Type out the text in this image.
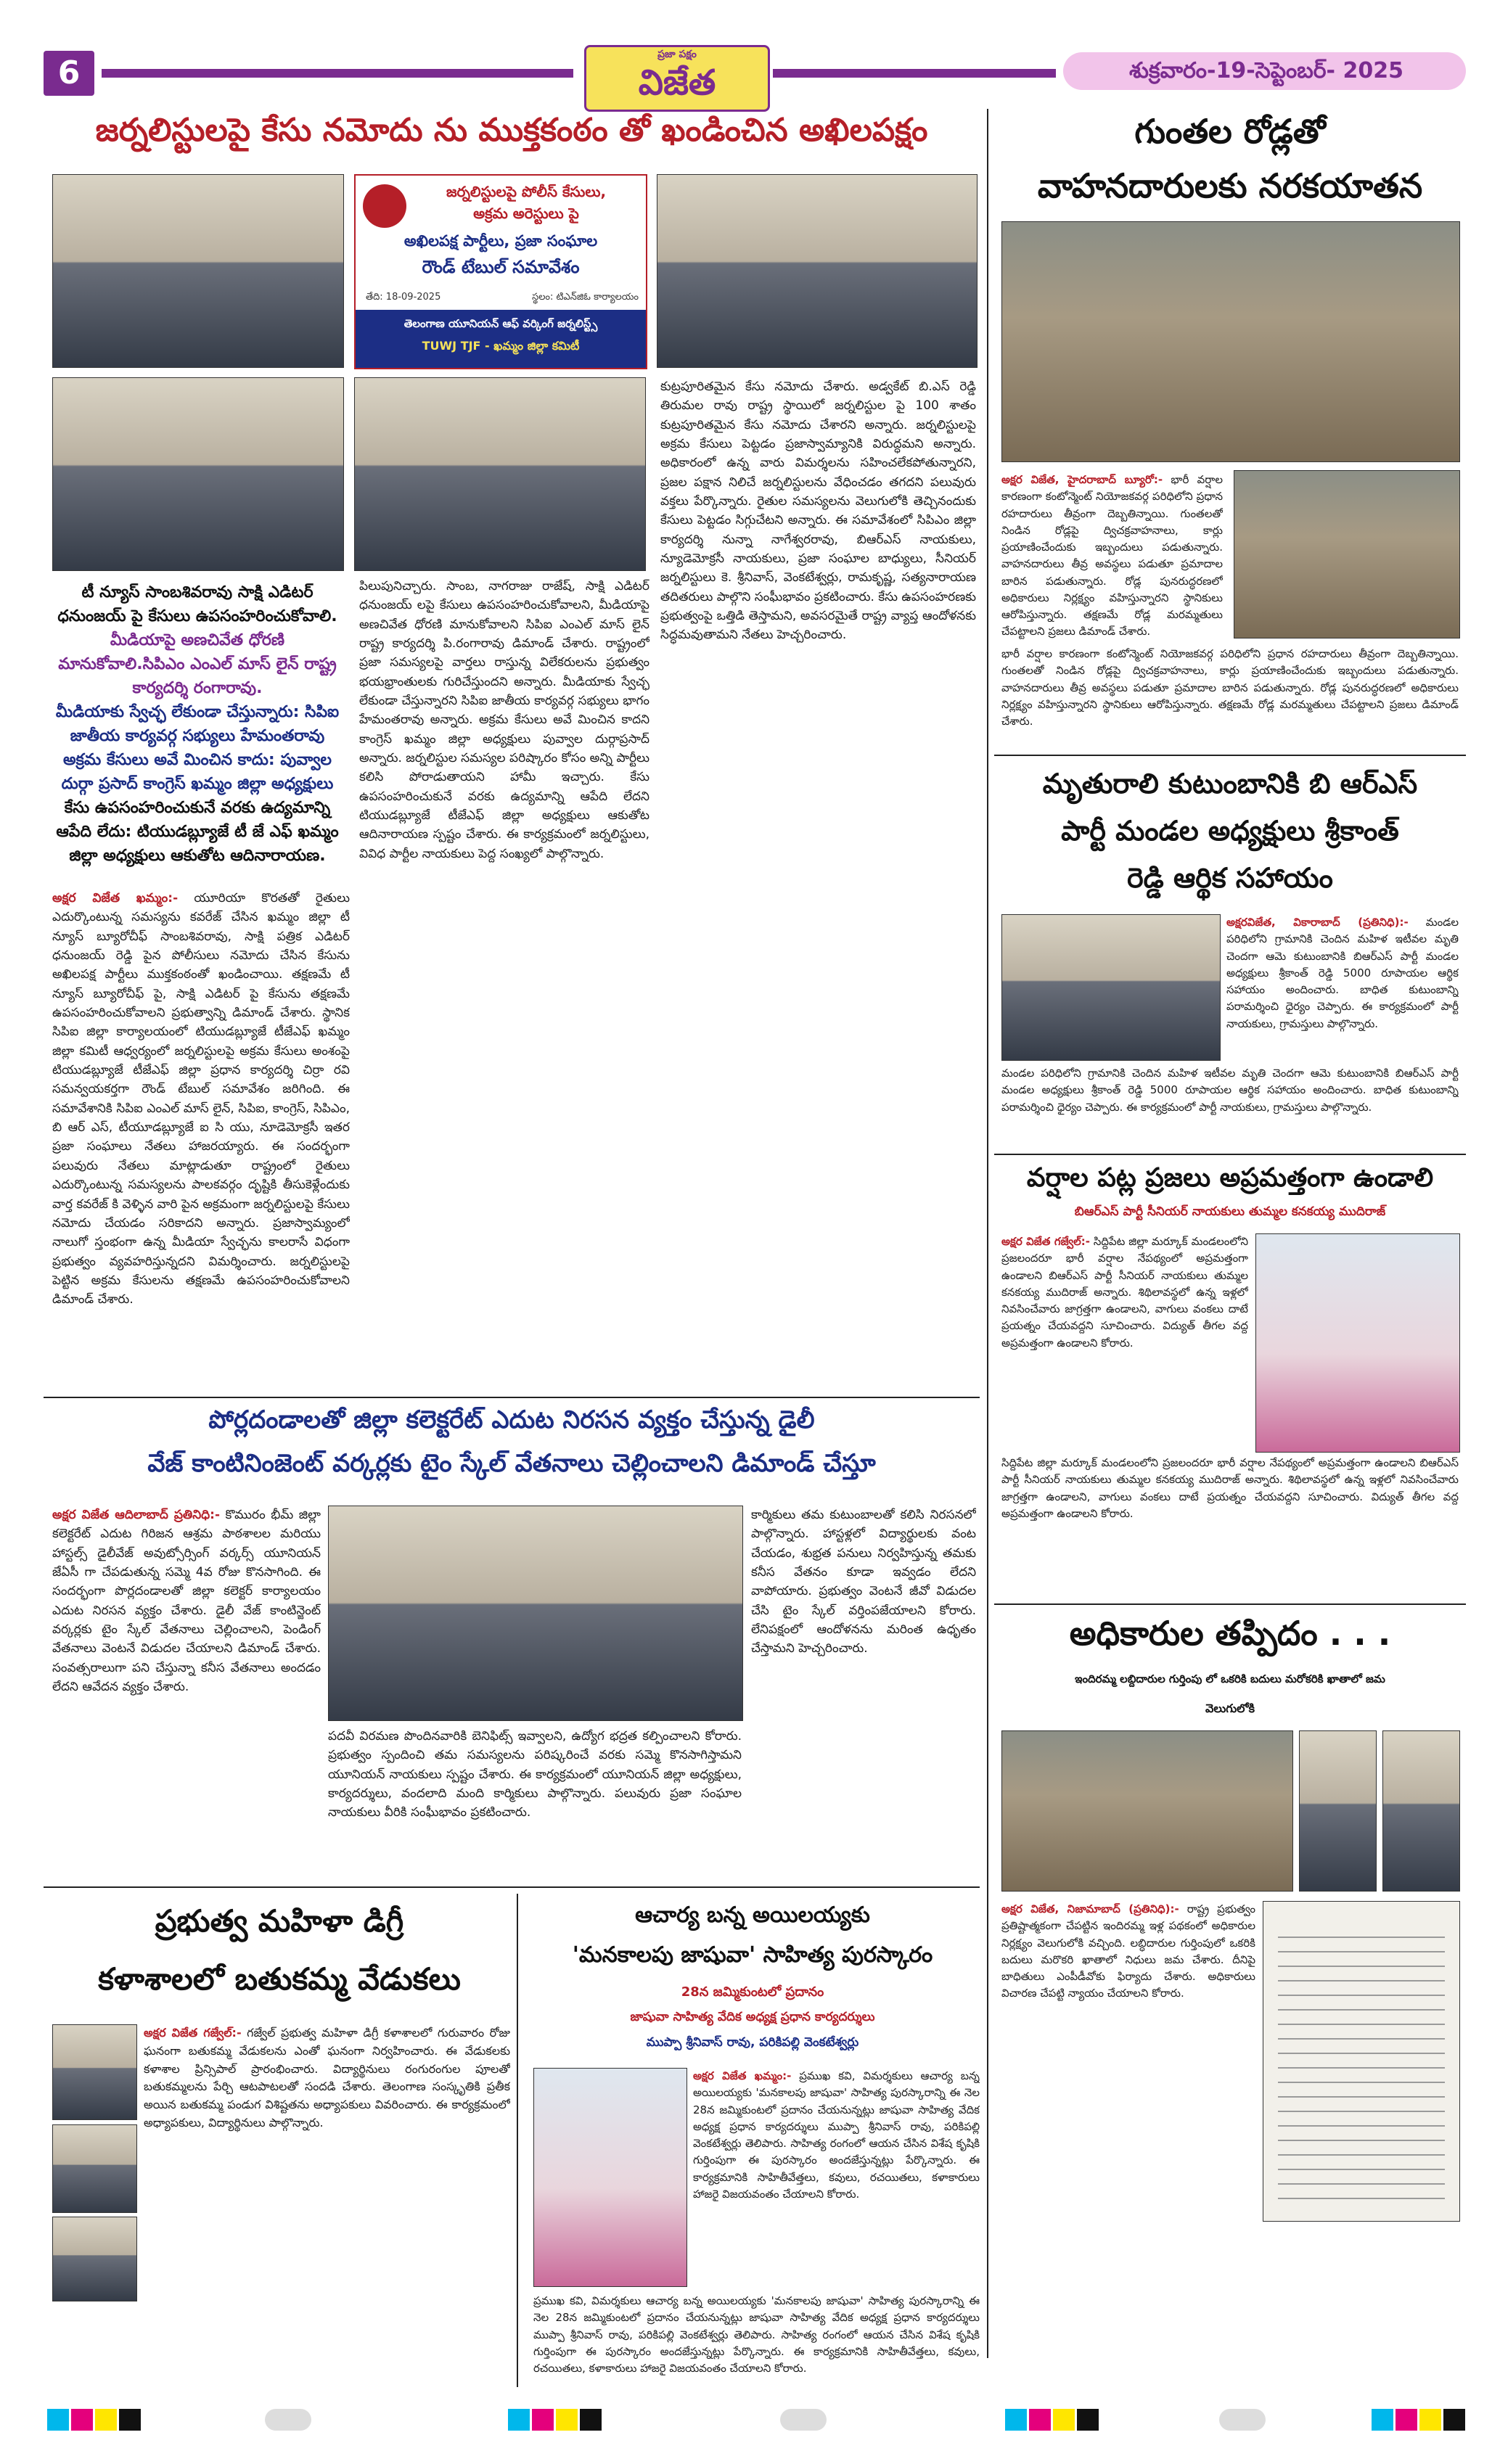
6	ప్రజా పక్షం
విజేత	శుక్రవారం-19-సెప్టెంబర్- 2025
జర్నలిస్టులపై కేసు నమోదు ను ముక్తకంఠం తో ఖండించిన అఖిలపక్షం
జర్నలిస్టులపై పోలీస్ కేసులు,
అక్రమ అరెస్టులు పై
అఖిలపక్ష పార్టీలు, ప్రజా సంఘాల
రౌండ్ టేబుల్ సమావేశం
తేది: 18-09-2025	స్థలం: టిఎన్‌జిఓ కార్యాలయం
తెలంగాణ యూనియన్ ఆఫ్ వర్కింగ్ జర్నలిస్ట్స్
TUWJ TJF - ఖమ్మం జిల్లా కమిటీ
టీ న్యూస్ సాంబశివరావు సాక్షి ఎడిటర్
ధనుంజయ్ పై కేసులు ఉపసంహరించుకోవాలి.
మీడియాపై అణచివేత ధోరణి
మానుకోవాలి.సిపిఎం ఎంఎల్ మాస్ లైన్ రాష్ట్ర
కార్యదర్శి రంగారావు.
మీడియాకు స్వేచ్ఛ లేకుండా చేస్తున్నారు: సిపిఐ
జాతీయ కార్యవర్గ సభ్యులు హేమంతరావు
అక్రమ కేసులు అవే మించిన కాదు: పువ్వాల
దుర్గా ప్రసాద్ కాంగ్రెస్ ఖమ్మం జిల్లా అధ్యక్షులు
కేసు ఉపసంహరించుకునే వరకు ఉద్యమాన్ని
ఆపేది లేదు: టియుడబ్ల్యూజే టీ జే ఎఫ్ ఖమ్మం
జిల్లా అధ్యక్షులు ఆకుతోట ఆదినారాయణ.
అక్షర విజేత ఖమ్మం:- యూరియా కొరతతో రైతులు ఎదుర్కొంటున్న సమస్యను కవరేజ్ చేసిన ఖమ్మం జిల్లా టీ న్యూస్ బ్యూరోచీఫ్ సాంబశివరావు, సాక్షి పత్రిక ఎడిటర్ ధనుంజయ్ రెడ్డి పైన పోలీసులు నమోదు చేసిన కేసును అఖిలపక్ష పార్టీలు ముక్తకంఠంతో ఖండించాయి. తక్షణమే టీ న్యూస్ బ్యూరోచీఫ్ పై, సాక్షి ఎడిటర్ పై కేసును తక్షణమే ఉపసంహరించుకోవాలని ప్రభుత్వాన్ని డిమాండ్ చేశారు. స్థానిక సిపిఐ జిల్లా కార్యాలయంలో టియుడబ్ల్యూజే టీజేఎఫ్ ఖమ్మం జిల్లా కమిటీ ఆధ్వర్యంలో జర్నలిస్టులపై అక్రమ కేసులు అంశంపై టియుడబ్ల్యూజే టీజేఎఫ్ జిల్లా ప్రధాన కార్యదర్శి చిర్రా రవి సమన్వయకర్తగా రౌండ్ టేబుల్ సమావేశం జరిగింది. ఈ సమావేశానికి సిపిఐ ఎంఎల్ మాస్ లైన్, సిపిఐ, కాంగ్రెస్, సిపిఎం, బి ఆర్ ఎస్, టీయూడబ్ల్యూజే ఐ సి యు, నూడెమోక్రసీ ఇతర ప్రజా సంఘాలు నేతలు హాజరయ్యారు. ఈ సందర్భంగా పలువురు నేతలు మాట్లాడుతూ రాష్ట్రంలో రైతులు ఎదుర్కొంటున్న సమస్యలను పాలకవర్గం దృష్టికి తీసుకెళ్లేందుకు వార్త కవరేజ్ కి వెళ్ళిన వారి పైన అక్రమంగా జర్నలిస్టులపై కేసులు నమోదు చేయడం సరికాదని అన్నారు. ప్రజాస్వామ్యంలో నాలుగో స్తంభంగా ఉన్న మీడియా స్వేచ్ఛను కాలరాసే విధంగా ప్రభుత్వం వ్యవహరిస్తున్నదని విమర్శించారు. జర్నలిస్టులపై పెట్టిన అక్రమ కేసులను తక్షణమే ఉపసంహరించుకోవాలని డిమాండ్ చేశారు.
పిలుపునిచ్చారు. సాంబ, నాగరాజు రాజేష్, సాక్షి ఎడిటర్ ధనుంజయ్ లపై కేసులు ఉపసంహరించుకోవాలని, మీడియాపై అణచివేత ధోరణి మానుకోవాలని సిపిఐ ఎంఎల్ మాస్ లైన్ రాష్ట్ర కార్యదర్శి పి.రంగారావు డిమాండ్ చేశారు. రాష్ట్రంలో ప్రజా సమస్యలపై వార్తలు రాస్తున్న విలేకరులను ప్రభుత్వం భయభ్రాంతులకు గురిచేస్తుందని అన్నారు. మీడియాకు స్వేచ్ఛ లేకుండా చేస్తున్నారని సిపిఐ జాతీయ కార్యవర్గ సభ్యులు భాగం హేమంతరావు అన్నారు. అక్రమ కేసులు అవే మించిన కాదని కాంగ్రెస్ ఖమ్మం జిల్లా అధ్యక్షులు పువ్వాల దుర్గాప్రసాద్ అన్నారు. జర్నలిస్టుల సమస్యల పరిష్కారం కోసం అన్ని పార్టీలు కలిసి పోరాడుతాయని హామీ ఇచ్చారు. కేసు ఉపసంహరించుకునే వరకు ఉద్యమాన్ని ఆపేది లేదని టియుడబ్ల్యూజే టీజేఎఫ్ జిల్లా అధ్యక్షులు ఆకుతోట ఆదినారాయణ స్పష్టం చేశారు. ఈ కార్యక్రమంలో జర్నలిస్టులు, వివిధ పార్టీల నాయకులు పెద్ద సంఖ్యలో పాల్గొన్నారు.
కుట్రపూరితమైన కేసు నమోదు చేశారు. అడ్వకేట్ బి.ఎస్ రెడ్డి తిరుమల రావు రాష్ట్ర స్థాయిలో జర్నలిస్టుల పై 100 శాతం కుట్రపూరితమైన కేసు నమోదు చేశారని అన్నారు. జర్నలిస్టులపై అక్రమ కేసులు పెట్టడం ప్రజాస్వామ్యానికి విరుద్ధమని అన్నారు. అధికారంలో ఉన్న వారు విమర్శలను సహించలేకపోతున్నారని, ప్రజల పక్షాన నిలిచే జర్నలిస్టులను వేధించడం తగదని పలువురు వక్తలు పేర్కొన్నారు. రైతుల సమస్యలను వెలుగులోకి తెచ్చినందుకు కేసులు పెట్టడం సిగ్గుచేటని అన్నారు. ఈ సమావేశంలో సిపిఎం జిల్లా కార్యదర్శి నున్నా నాగేశ్వరరావు, బిఆర్ఎస్ నాయకులు, న్యూడెమోక్రసీ నాయకులు, ప్రజా సంఘాల బాధ్యులు, సీనియర్ జర్నలిస్టులు కె. శ్రీనివాస్, వెంకటేశ్వర్లు, రామకృష్ణ, సత్యనారాయణ తదితరులు పాల్గొని సంఘీభావం ప్రకటించారు. కేసు ఉపసంహరణకు ప్రభుత్వంపై ఒత్తిడి తెస్తామని, అవసరమైతే రాష్ట్ర వ్యాప్త ఆందోళనకు సిద్ధమవుతామని నేతలు హెచ్చరించారు.
గుంతల రోడ్లతో
వాహనదారులకు నరకయాతన
అక్షర విజేత, హైదరాబాద్ బ్యూరో:- భారీ వర్షాల కారణంగా కంటోన్మెంట్ నియోజకవర్గ పరిధిలోని ప్రధాన రహదారులు తీవ్రంగా దెబ్బతిన్నాయి. గుంతలతో నిండిన రోడ్లపై ద్విచక్రవాహనాలు, కార్లు ప్రయాణించేందుకు ఇబ్బందులు పడుతున్నారు. వాహనదారులు తీవ్ర అవస్థలు పడుతూ ప్రమాదాల బారిన పడుతున్నారు. రోడ్ల పునరుద్ధరణలో అధికారులు నిర్లక్ష్యం వహిస్తున్నారని స్థానికులు ఆరోపిస్తున్నారు. తక్షణమే రోడ్ల మరమ్మతులు చేపట్టాలని ప్రజలు డిమాండ్ చేశారు.
భారీ వర్షాల కారణంగా కంటోన్మెంట్ నియోజకవర్గ పరిధిలోని ప్రధాన రహదారులు తీవ్రంగా దెబ్బతిన్నాయి. గుంతలతో నిండిన రోడ్లపై ద్విచక్రవాహనాలు, కార్లు ప్రయాణించేందుకు ఇబ్బందులు పడుతున్నారు. వాహనదారులు తీవ్ర అవస్థలు పడుతూ ప్రమాదాల బారిన పడుతున్నారు. రోడ్ల పునరుద్ధరణలో అధికారులు నిర్లక్ష్యం వహిస్తున్నారని స్థానికులు ఆరోపిస్తున్నారు. తక్షణమే రోడ్ల మరమ్మతులు చేపట్టాలని ప్రజలు డిమాండ్ చేశారు.
మృతురాలి కుటుంబానికి బి ఆర్ఎస్
పార్టీ మండల అధ్యక్షులు శ్రీకాంత్
రెడ్డి ఆర్థిక సహాయం
అక్షరవిజేత, వికారాబాద్ (ప్రతినిధి):- మండల పరిధిలోని గ్రామానికి చెందిన మహిళ ఇటీవల మృతి చెందగా ఆమె కుటుంబానికి బిఆర్ఎస్ పార్టీ మండల అధ్యక్షులు శ్రీకాంత్ రెడ్డి 5000 రూపాయల ఆర్థిక సహాయం అందించారు. బాధిత కుటుంబాన్ని పరామర్శించి ధైర్యం చెప్పారు. ఈ కార్యక్రమంలో పార్టీ నాయకులు, గ్రామస్తులు పాల్గొన్నారు.
మండల పరిధిలోని గ్రామానికి చెందిన మహిళ ఇటీవల మృతి చెందగా ఆమె కుటుంబానికి బిఆర్ఎస్ పార్టీ మండల అధ్యక్షులు శ్రీకాంత్ రెడ్డి 5000 రూపాయల ఆర్థిక సహాయం అందించారు. బాధిత కుటుంబాన్ని పరామర్శించి ధైర్యం చెప్పారు. ఈ కార్యక్రమంలో పార్టీ నాయకులు, గ్రామస్తులు పాల్గొన్నారు.
వర్షాల పట్ల ప్రజలు అప్రమత్తంగా ఉండాలి
బిఆర్ఎస్ పార్టీ సీనియర్ నాయకులు తుమ్మల కనకయ్య ముదిరాజ్
అక్షర విజేత గజ్వేల్:- సిద్దిపేట జిల్లా మర్కూక్ మండలంలోని ప్రజలందరూ భారీ వర్షాల నేపథ్యంలో అప్రమత్తంగా ఉండాలని బిఆర్ఎస్ పార్టీ సీనియర్ నాయకులు తుమ్మల కనకయ్య ముదిరాజ్ అన్నారు. శిథిలావస్థలో ఉన్న ఇళ్లలో నివసించేవారు జాగ్రత్తగా ఉండాలని, వాగులు వంకలు దాటే ప్రయత్నం చేయవద్దని సూచించారు. విద్యుత్ తీగల వద్ద అప్రమత్తంగా ఉండాలని కోరారు.
సిద్దిపేట జిల్లా మర్కూక్ మండలంలోని ప్రజలందరూ భారీ వర్షాల నేపథ్యంలో అప్రమత్తంగా ఉండాలని బిఆర్ఎస్ పార్టీ సీనియర్ నాయకులు తుమ్మల కనకయ్య ముదిరాజ్ అన్నారు. శిథిలావస్థలో ఉన్న ఇళ్లలో నివసించేవారు జాగ్రత్తగా ఉండాలని, వాగులు వంకలు దాటే ప్రయత్నం చేయవద్దని సూచించారు. విద్యుత్ తీగల వద్ద అప్రమత్తంగా ఉండాలని కోరారు.
అధికారుల తప్పిదం . . .
ఇందిరమ్మ లబ్దిదారుల గుర్తింపు లో ఒకరికి బదులు మరోకరికి ఖాతాలో జమ
వెలుగులోకి
అక్షర విజేత, నిజామాబాద్ (ప్రతినిధి):- రాష్ట్ర ప్రభుత్వం ప్రతిష్టాత్మకంగా చేపట్టిన ఇందిరమ్మ ఇళ్ల పథకంలో అధికారుల నిర్లక్ష్యం వెలుగులోకి వచ్చింది. లబ్ధిదారుల గుర్తింపులో ఒకరికి బదులు మరొకరి ఖాతాలో నిధులు జమ చేశారు. దీనిపై బాధితులు ఎంపీడీవోకు ఫిర్యాదు చేశారు. అధికారులు విచారణ చేపట్టి న్యాయం చేయాలని కోరారు.
పోర్లదండాలతో జిల్లా కలెక్టరేట్ ఎదుట నిరసన వ్యక్తం చేస్తున్న డైలీ
వేజ్ కాంటినింజెంట్ వర్కర్లకు టైం స్కేల్ వేతనాలు చెల్లించాలని డిమాండ్ చేస్తూ
అక్షర విజేత ఆదిలాబాద్ ప్రతినిధి:- కొమురం భీమ్ జిల్లా కలెక్టరేట్ ఎదుట గిరిజన ఆశ్రమ పాఠశాలల మరియు హాస్టల్స్ డైలీవేజ్ అవుట్సోర్సింగ్ వర్కర్స్ యూనియన్ జేఏసీ గా చేపడుతున్న సమ్మె 4వ రోజు కొనసాగింది. ఈ సందర్భంగా పొర్లదండాలతో జిల్లా కలెక్టర్ కార్యాలయం ఎదుట నిరసన వ్యక్తం చేశారు. డైలీ వేజ్ కాంటిన్జెంట్ వర్కర్లకు టైం స్కేల్ వేతనాలు చెల్లించాలని, పెండింగ్ వేతనాలు వెంటనే విడుదల చేయాలని డిమాండ్ చేశారు. సంవత్సరాలుగా పని చేస్తున్నా కనీస వేతనాలు అందడం లేదని ఆవేదన వ్యక్తం చేశారు.
పదవీ విరమణ పొందినవారికి బెనిఫిట్స్ ఇవ్వాలని, ఉద్యోగ భద్రత కల్పించాలని కోరారు. ప్రభుత్వం స్పందించి తమ సమస్యలను పరిష్కరించే వరకు సమ్మె కొనసాగిస్తామని యూనియన్ నాయకులు స్పష్టం చేశారు. ఈ కార్యక్రమంలో యూనియన్ జిల్లా అధ్యక్షులు, కార్యదర్శులు, వందలాది మంది కార్మికులు పాల్గొన్నారు. పలువురు ప్రజా సంఘాల నాయకులు వీరికి సంఘీభావం ప్రకటించారు.
కార్మికులు తమ కుటుంబాలతో కలిసి నిరసనలో పాల్గొన్నారు. హాస్టళ్లలో విద్యార్థులకు వంట చేయడం, శుభ్రత పనులు నిర్వహిస్తున్న తమకు కనీస వేతనం కూడా ఇవ్వడం లేదని వాపోయారు. ప్రభుత్వం వెంటనే జీవో విడుదల చేసి టైం స్కేల్ వర్తింపజేయాలని కోరారు. లేనిపక్షంలో ఆందోళనను మరింత ఉధృతం చేస్తామని హెచ్చరించారు.
ప్రభుత్వ మహిళా డిగ్రీ
కళాశాలలో బతుకమ్మ వేడుకలు
అక్షర విజేత గజ్వేల్:- గజ్వేల్ ప్రభుత్వ మహిళా డిగ్రీ కళాశాలలో గురువారం రోజు ఘనంగా బతుకమ్మ వేడుకలను ఎంతో ఘనంగా నిర్వహించారు. ఈ వేడుకలకు కళాశాల ప్రిన్సిపాల్ ప్రారంభించారు. విద్యార్థినులు రంగురంగుల పూలతో బతుకమ్మలను పేర్చి ఆటపాటలతో సందడి చేశారు. తెలంగాణ సంస్కృతికి ప్రతీక అయిన బతుకమ్మ పండుగ విశిష్టతను అధ్యాపకులు వివరించారు. ఈ కార్యక్రమంలో అధ్యాపకులు, విద్యార్థినులు పాల్గొన్నారు.
ఆచార్య బన్న అయిలయ్యకు
'మనకాలపు జాషువా' సాహిత్య పురస్కారం
28న జమ్మికుంటలో ప్రదానం
జాషువా సాహిత్య వేదిక అధ్యక్ష ప్రధాన కార్యదర్శులు
ముప్పా శ్రీనివాస్ రావు, పరికిపల్లి వెంకటేశ్వర్లు
అక్షర విజేత ఖమ్మం:- ప్రముఖ కవి, విమర్శకులు ఆచార్య బన్న అయిలయ్యకు 'మనకాలపు జాషువా' సాహిత్య పురస్కారాన్ని ఈ నెల 28న జమ్మికుంటలో ప్రదానం చేయనున్నట్లు జాషువా సాహిత్య వేదిక అధ్యక్ష ప్రధాన కార్యదర్శులు ముప్పా శ్రీనివాస్ రావు, పరికిపల్లి వెంకటేశ్వర్లు తెలిపారు. సాహిత్య రంగంలో ఆయన చేసిన విశేష కృషికి గుర్తింపుగా ఈ పురస్కారం అందజేస్తున్నట్లు పేర్కొన్నారు. ఈ కార్యక్రమానికి సాహితీవేత్తలు, కవులు, రచయితలు, కళాకారులు హాజరై విజయవంతం చేయాలని కోరారు.
ప్రముఖ కవి, విమర్శకులు ఆచార్య బన్న అయిలయ్యకు 'మనకాలపు జాషువా' సాహిత్య పురస్కారాన్ని ఈ నెల 28న జమ్మికుంటలో ప్రదానం చేయనున్నట్లు జాషువా సాహిత్య వేదిక అధ్యక్ష ప్రధాన కార్యదర్శులు ముప్పా శ్రీనివాస్ రావు, పరికిపల్లి వెంకటేశ్వర్లు తెలిపారు. సాహిత్య రంగంలో ఆయన చేసిన విశేష కృషికి గుర్తింపుగా ఈ పురస్కారం అందజేస్తున్నట్లు పేర్కొన్నారు. ఈ కార్యక్రమానికి సాహితీవేత్తలు, కవులు, రచయితలు, కళాకారులు హాజరై విజయవంతం చేయాలని కోరారు.
